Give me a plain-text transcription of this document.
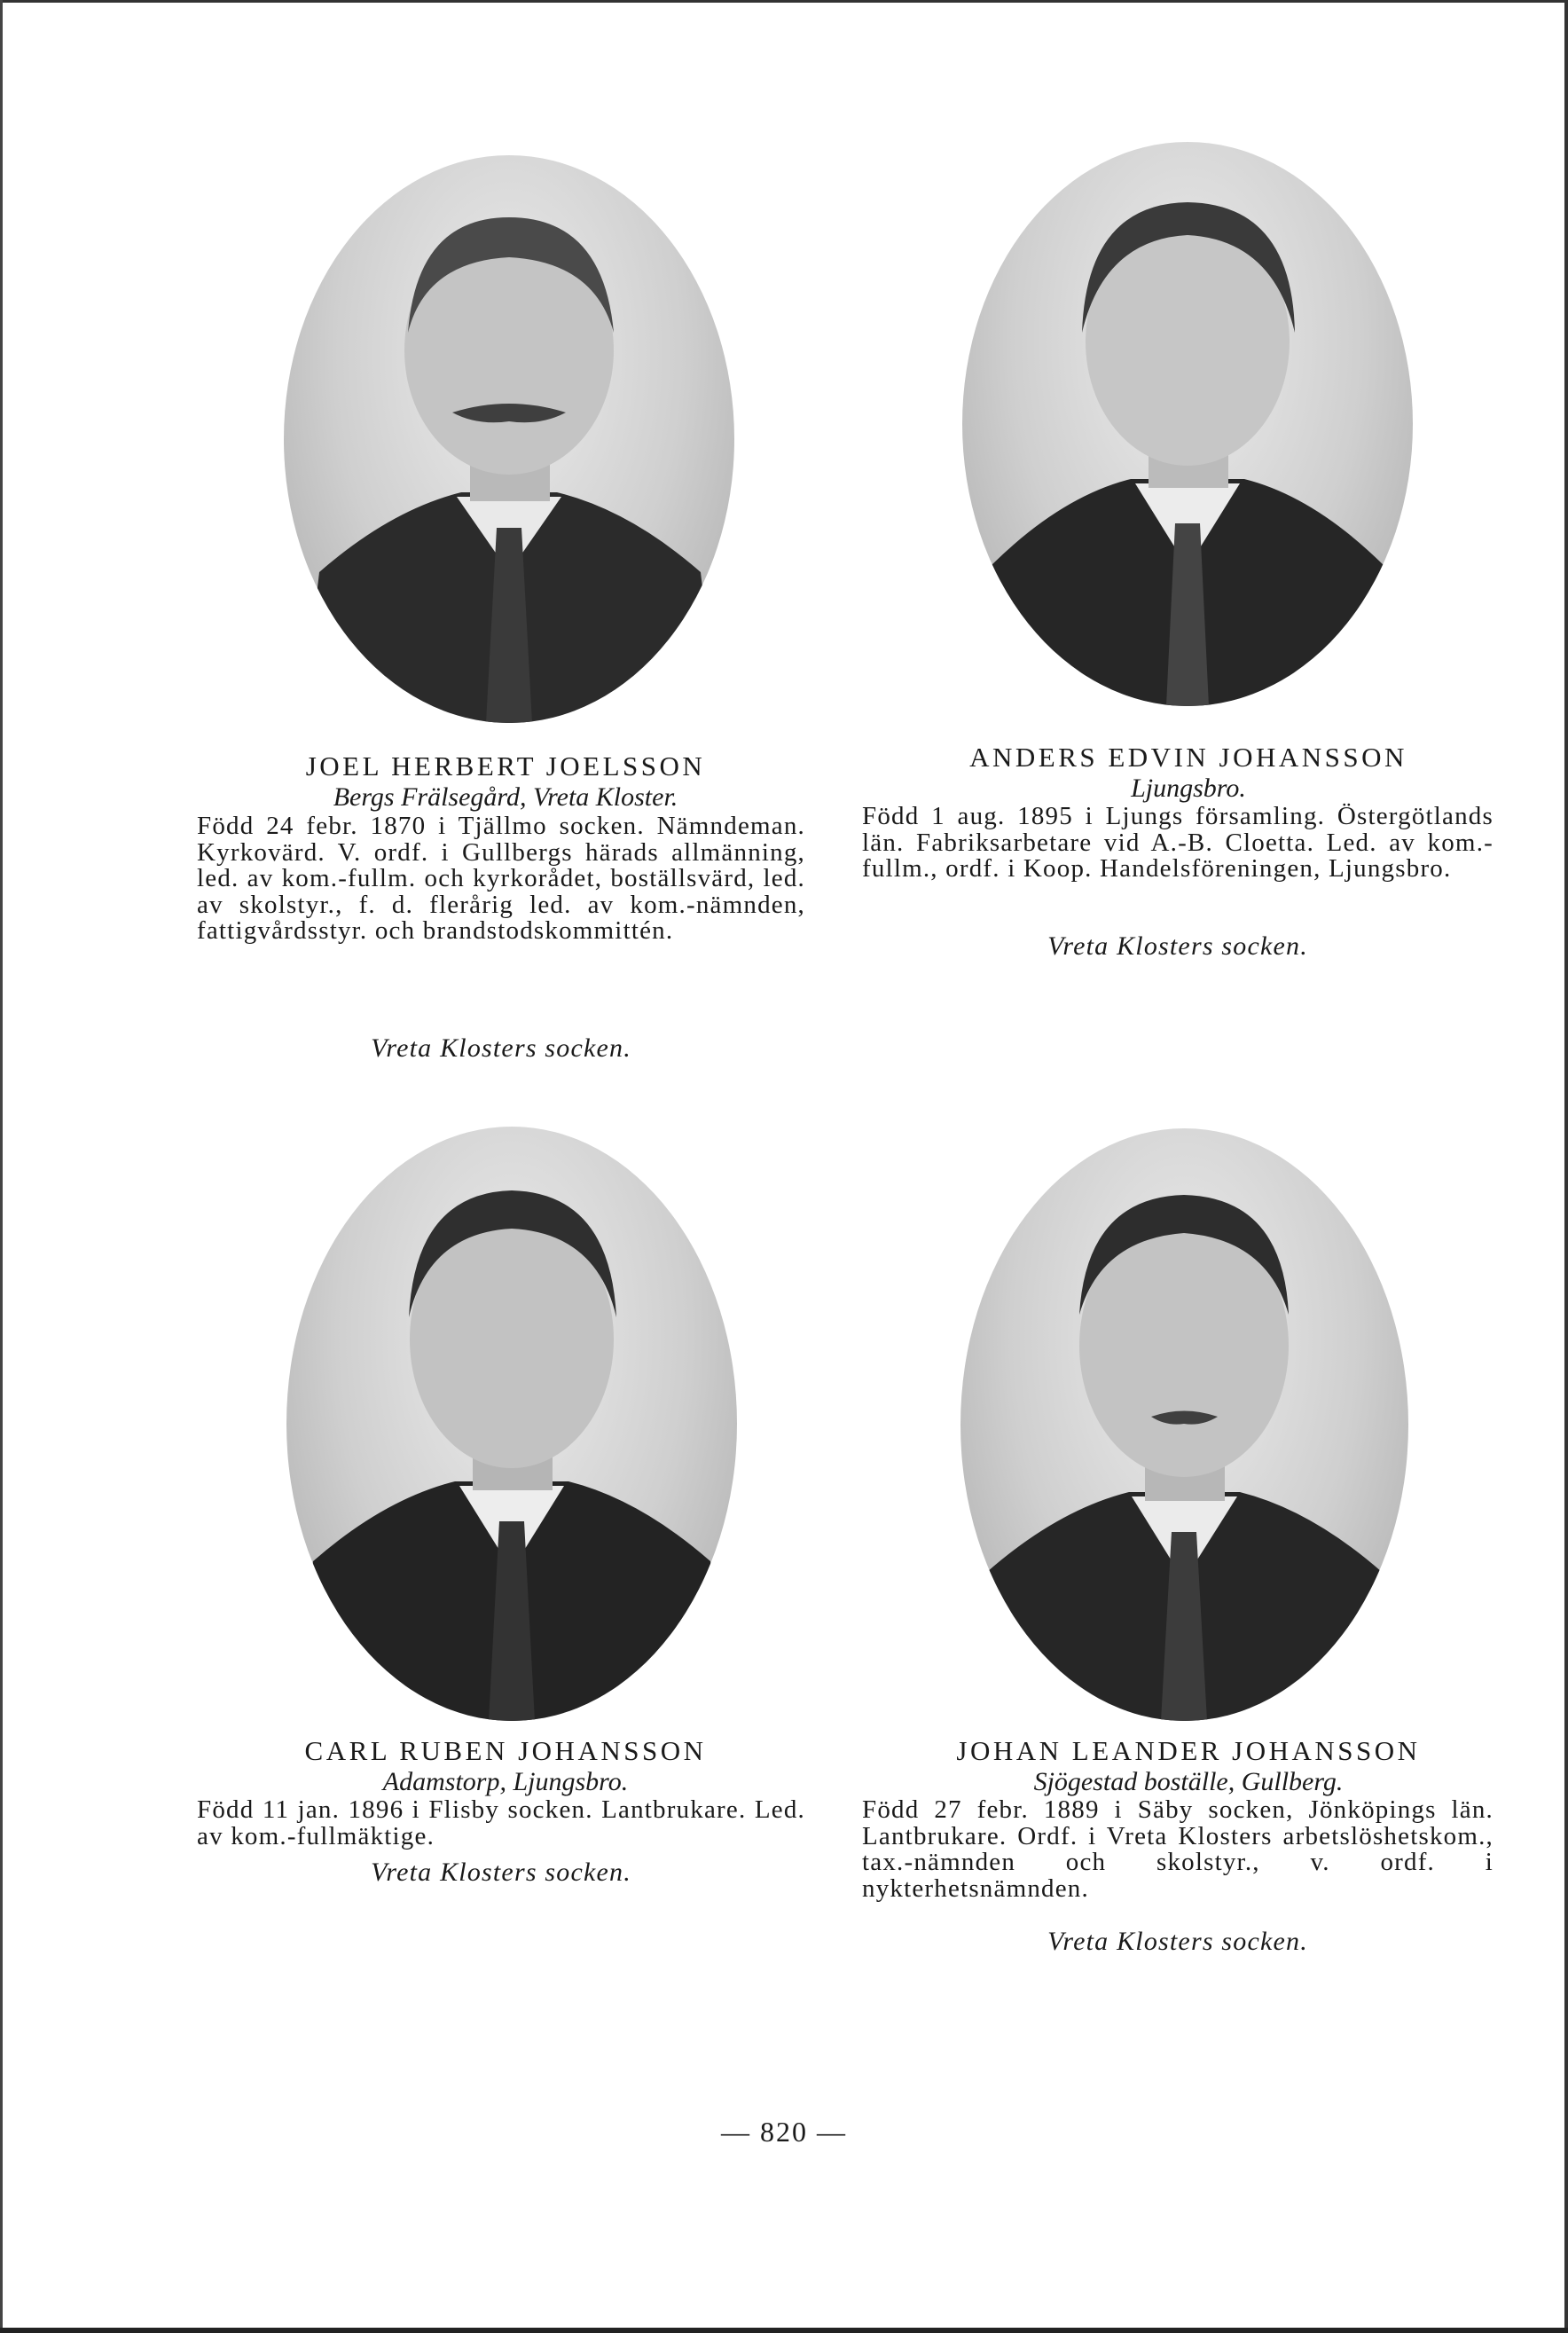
JOEL HERBERT JOELSSON
Bergs Frälsegård, Vreta Kloster.
Född 24 febr. 1870 i Tjällmo socken. Nämndeman. Kyrkovärd. V. ordf. i Gullbergs härads allmänning, led. av kom.-fullm. och kyrkorådet, boställsvärd, led. av skolstyr., f. d. flerårig led. av kom.-nämnden, fattigvårdsstyr. och brandstodskommittén.
Vreta Klosters socken.
ANDERS EDVIN JOHANSSON
Ljungsbro.
Född 1 aug. 1895 i Ljungs församling. Östergötlands län. Fabriksarbetare vid A.-B. Cloetta. Led. av kom.-fullm., ordf. i Koop. Handelsföreningen, Ljungsbro.
Vreta Klosters socken.
CARL RUBEN JOHANSSON
Adamstorp, Ljungsbro.
Född 11 jan. 1896 i Flisby socken. Lantbrukare. Led. av kom.-fullmäktige.
Vreta Klosters socken.
JOHAN LEANDER JOHANSSON
Sjögestad boställe, Gullberg.
Född 27 febr. 1889 i Säby socken, Jönköpings län. Lantbrukare. Ordf. i Vreta Klosters arbetslöshetskom., tax.-nämnden och skolstyr., v. ordf. i nykterhetsnämnden.
Vreta Klosters socken.
— 820 —
